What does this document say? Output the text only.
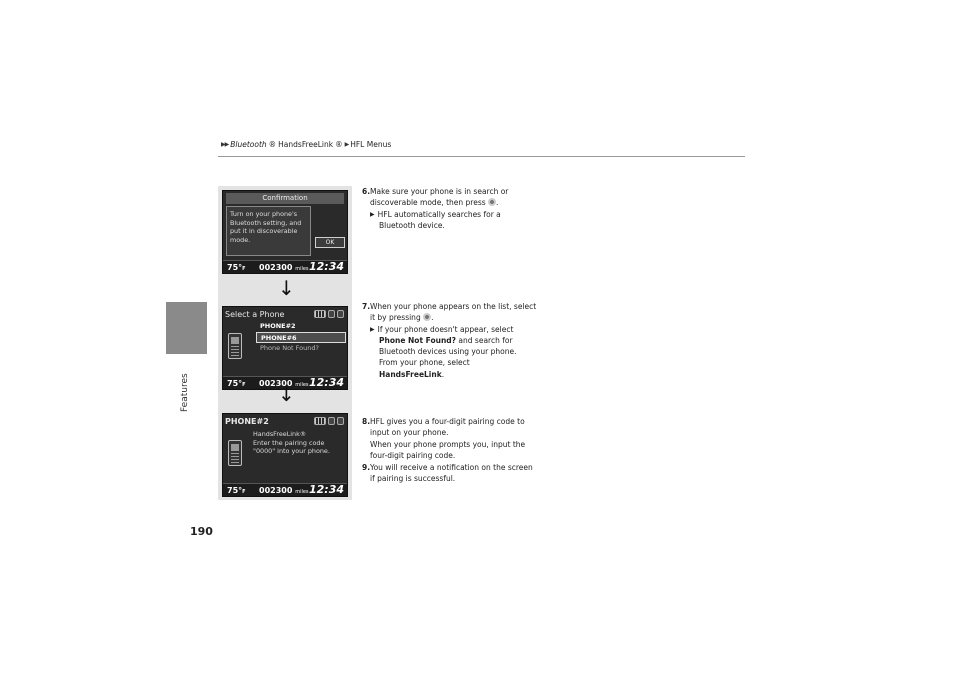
▶▶ Bluetooth ® HandsFreeLink ® ▶ HFL Menus
Features
Confirmation
Turn on your phone's
Bluetooth setting, and
put it in discoverable
mode.	OK
75°F 002300 miles 12:34
↓
Select a Phone
PHONE#2
PHONE#6
Phone Not Found?
75°F 002300 miles 12:34
↓
PHONE#2
HandsFreeLink®
Enter the pairing code
"0000" into your phone.
75°F 002300 miles 12:34
6. Make sure your phone is in search or
discoverable mode, then press .
▶ HFL automatically searches for a
Bluetooth device.
7. When your phone appears on the list, select
it by pressing .
▶ If your phone doesn't appear, select
Phone Not Found? and search for
Bluetooth devices using your phone.
From your phone, select
HandsFreeLink.
8. HFL gives you a four-digit pairing code to
input on your phone.
When your phone prompts you, input the
four-digit pairing code.
9. You will receive a notification on the screen
if pairing is successful.
190
